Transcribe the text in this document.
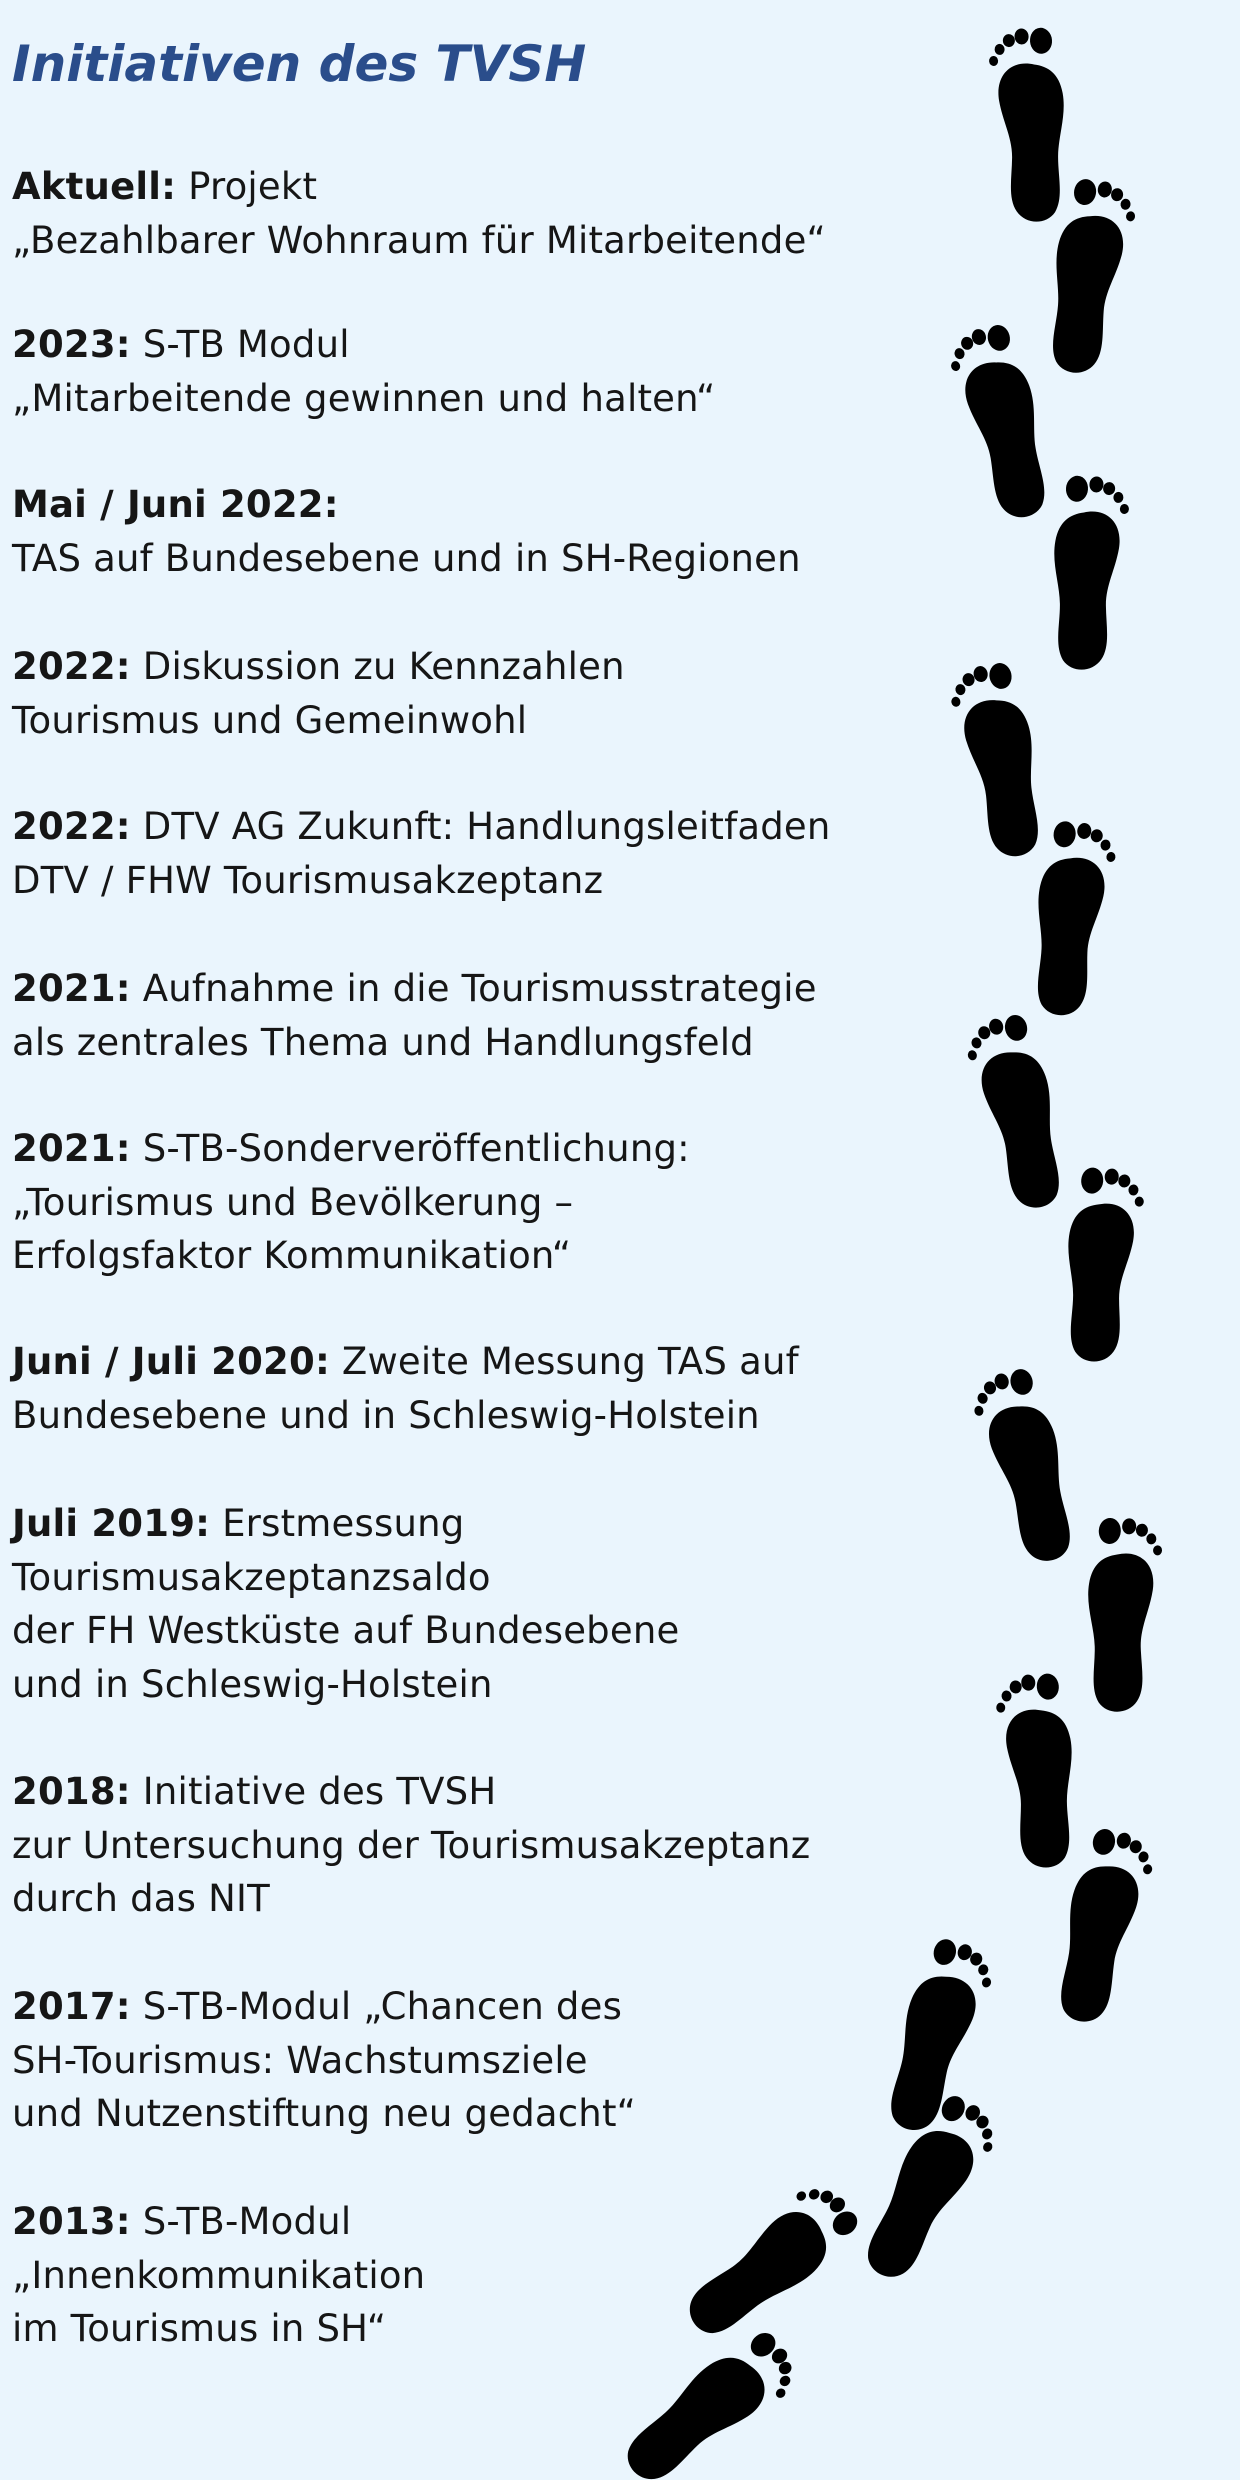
Initiativen des TVSH
Aktuell: Projekt
„Bezahlbarer Wohnraum für Mitarbeitende“
2023: S-TB Modul
„Mitarbeitende gewinnen und halten“
Mai / Juni 2022:
TAS auf Bundesebene und in SH-Regionen
2022: Diskussion zu Kennzahlen
Tourismus und Gemeinwohl
2022: DTV AG Zukunft: Handlungsleitfaden
DTV / FHW Tourismusakzeptanz
2021: Aufnahme in die Tourismusstrategie
als zentrales Thema und Handlungsfeld
2021: S-TB-Sonderveröffentlichung:
„Tourismus und Bevölkerung –
Erfolgsfaktor Kommunikation“
Juni / Juli 2020: Zweite Messung TAS auf
Bundesebene und in Schleswig-Holstein
Juli 2019: Erstmessung
Tourismusakzeptanzsaldo
der FH Westküste auf Bundesebene
und in Schleswig-Holstein
2018: Initiative des TVSH
zur Untersuchung der Tourismusakzeptanz
durch das NIT
2017: S-TB-Modul „Chancen des
SH-Tourismus: Wachstumsziele
und Nutzenstiftung neu gedacht“
2013: S-TB-Modul
„Innenkommunikation
im Tourismus in SH“
